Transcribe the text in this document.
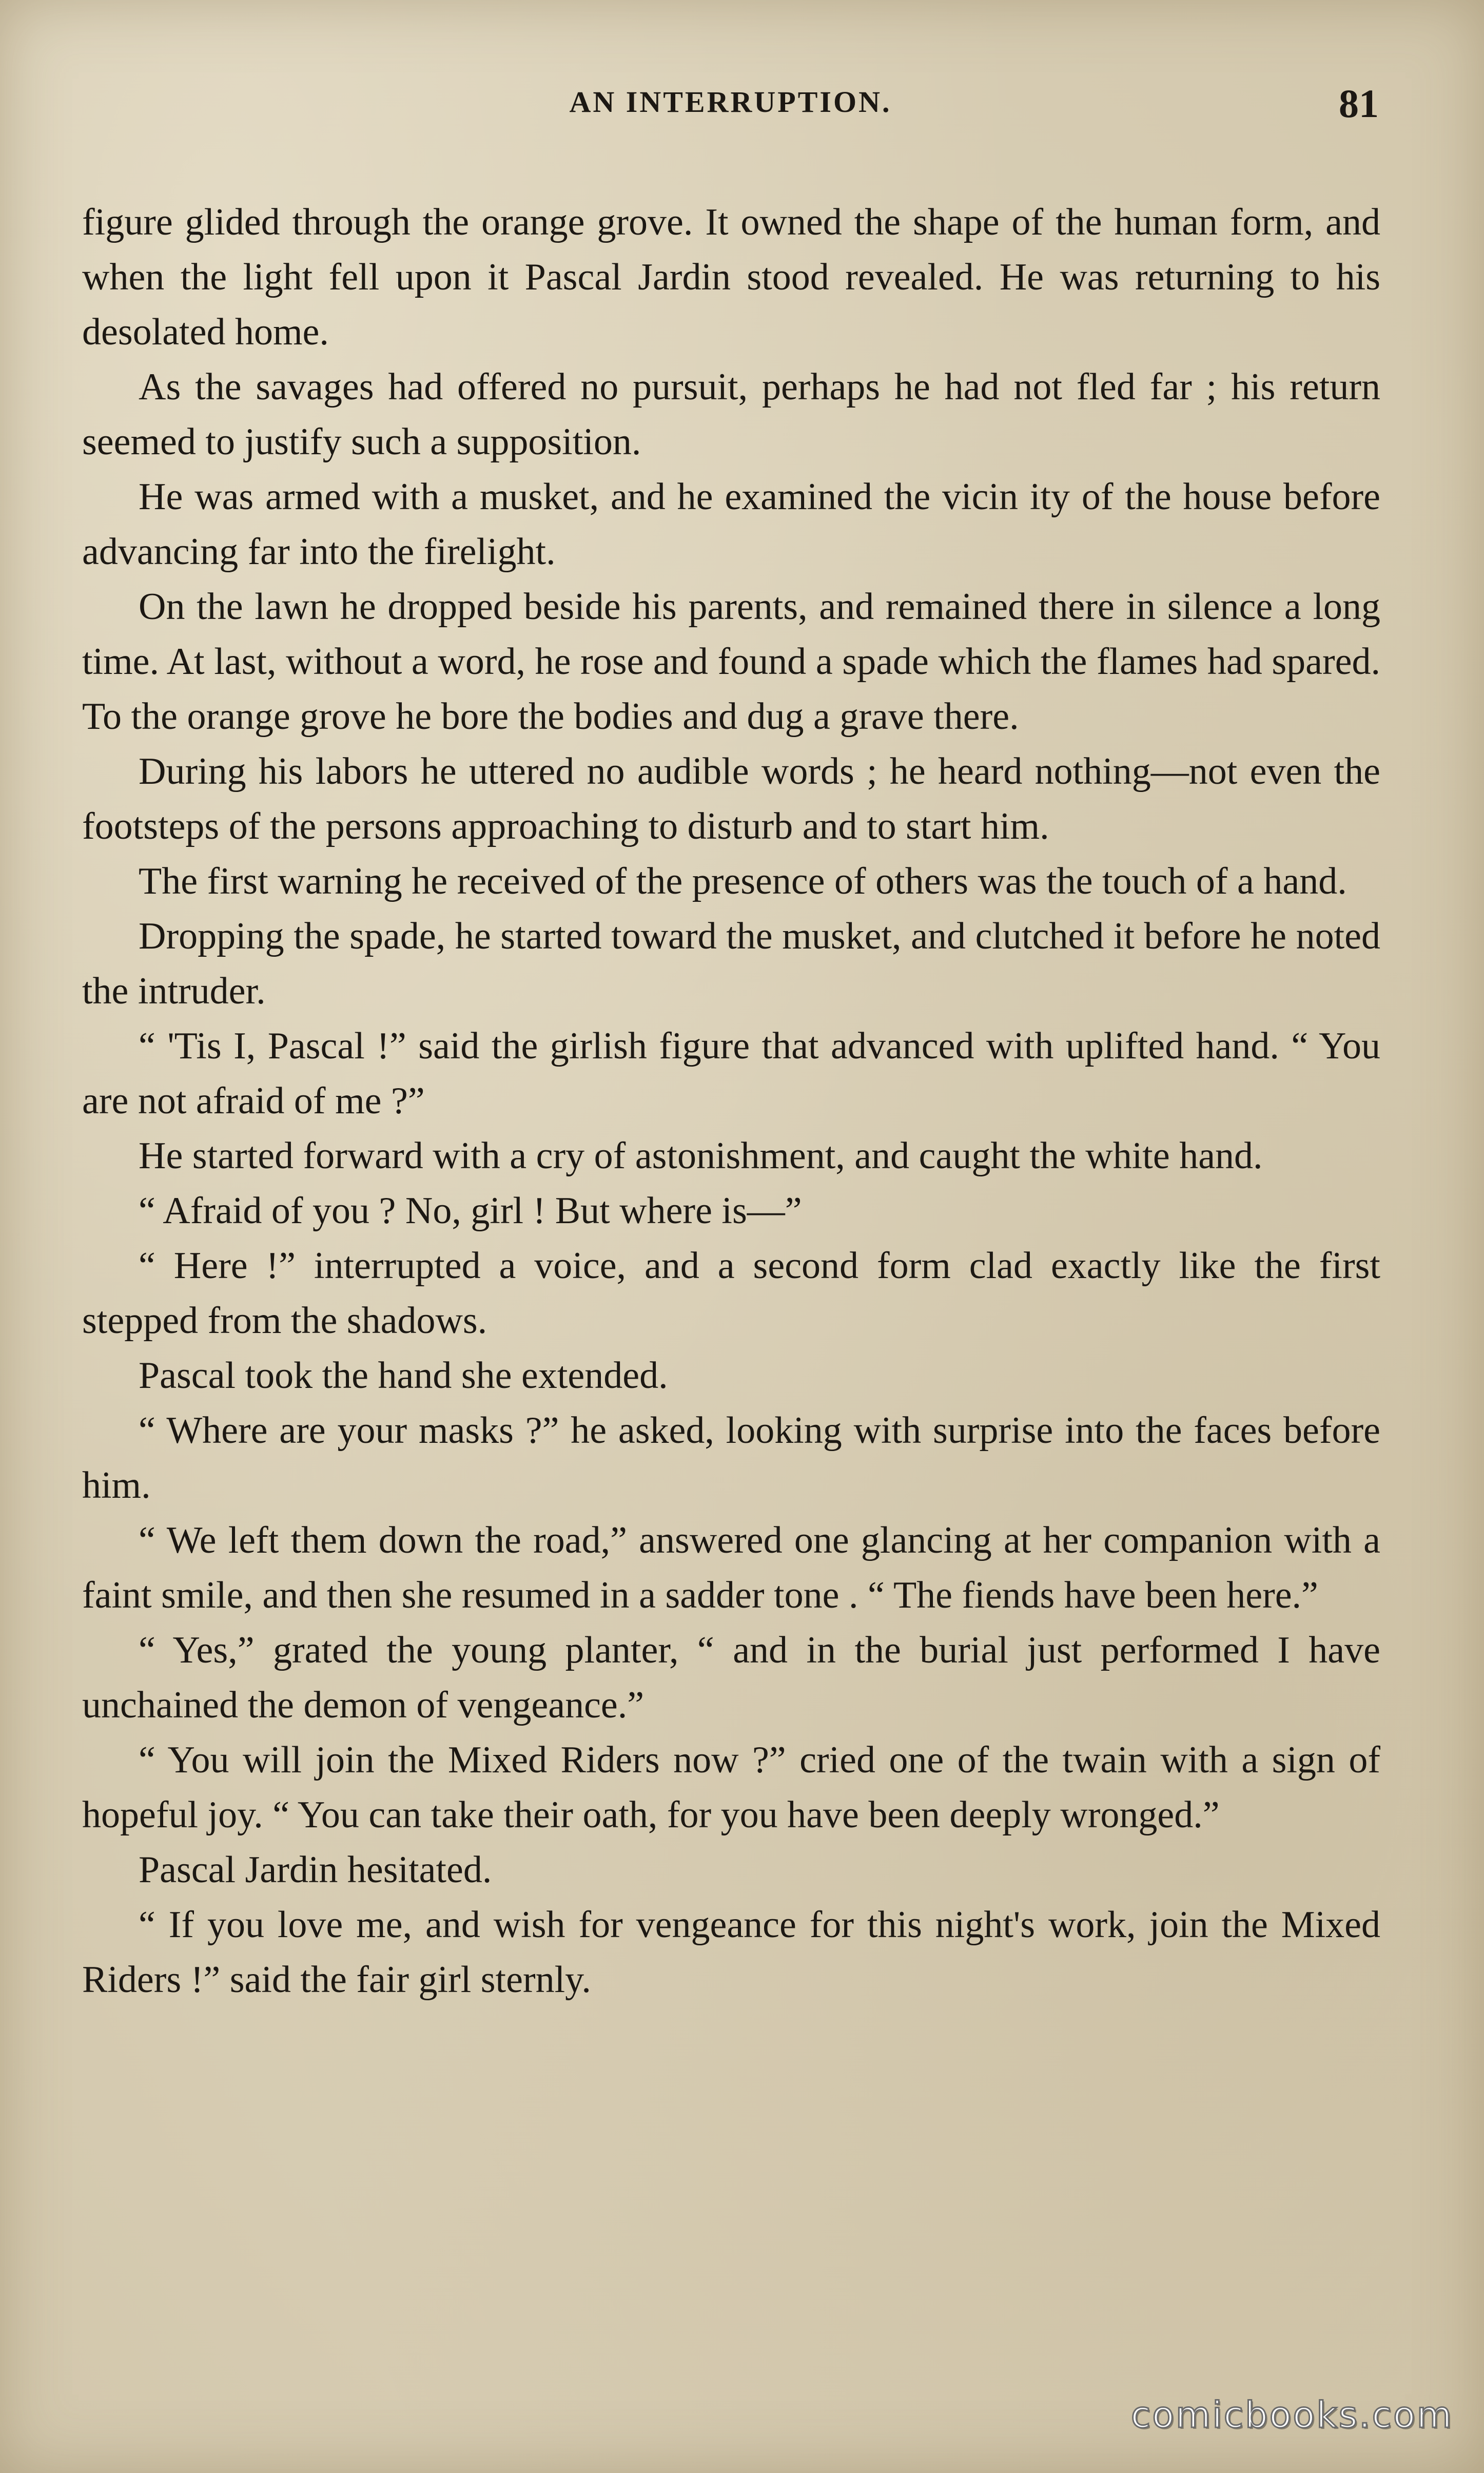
AN INTERRUPTION.	81

figure glided through the orange grove. It owned the shape of the human form, and when the light fell upon it Pascal Jardin stood revealed. He was returning to his desolated home.

As the savages had offered no pursuit, perhaps he had not fled far ; his return seemed to justify such a supposition.

He was armed with a musket, and he examined the vicin ity of the house before advancing far into the firelight.

On the lawn he dropped beside his parents, and remained there in silence a long time. At last, without a word, he rose and found a spade which the flames had spared. To the orange grove he bore the bodies and dug a grave there.

During his labors he uttered no audible words ; he heard nothing—not even the footsteps of the persons approaching to disturb and to start him.

The first warning he received of the presence of others was the touch of a hand.

Dropping the spade, he started toward the musket, and clutched it before he noted the intruder.

“ 'Tis I, Pascal !” said the girlish figure that advanced with uplifted hand. “ You are not afraid of me ?”

He started forward with a cry of astonishment, and caught the white hand.

“ Afraid of you ? No, girl ! But where is—”

“ Here !” interrupted a voice, and a second form clad exactly like the first stepped from the shadows.

Pascal took the hand she extended.

“ Where are your masks ?” he asked, looking with surprise into the faces before him.

“ We left them down the road,” answered one glancing at her companion with a faint smile, and then she resumed in a sadder tone . “ The fiends have been here.”

“ Yes,” grated the young planter, “ and in the burial just performed I have unchained the demon of vengeance.”

“ You will join the Mixed Riders now ?” cried one of the twain with a sign of hopeful joy. “ You can take their oath, for you have been deeply wronged.”

Pascal Jardin hesitated.

“ If you love me, and wish for vengeance for this night's work, join the Mixed Riders !” said the fair girl sternly.

comicbooks.com
